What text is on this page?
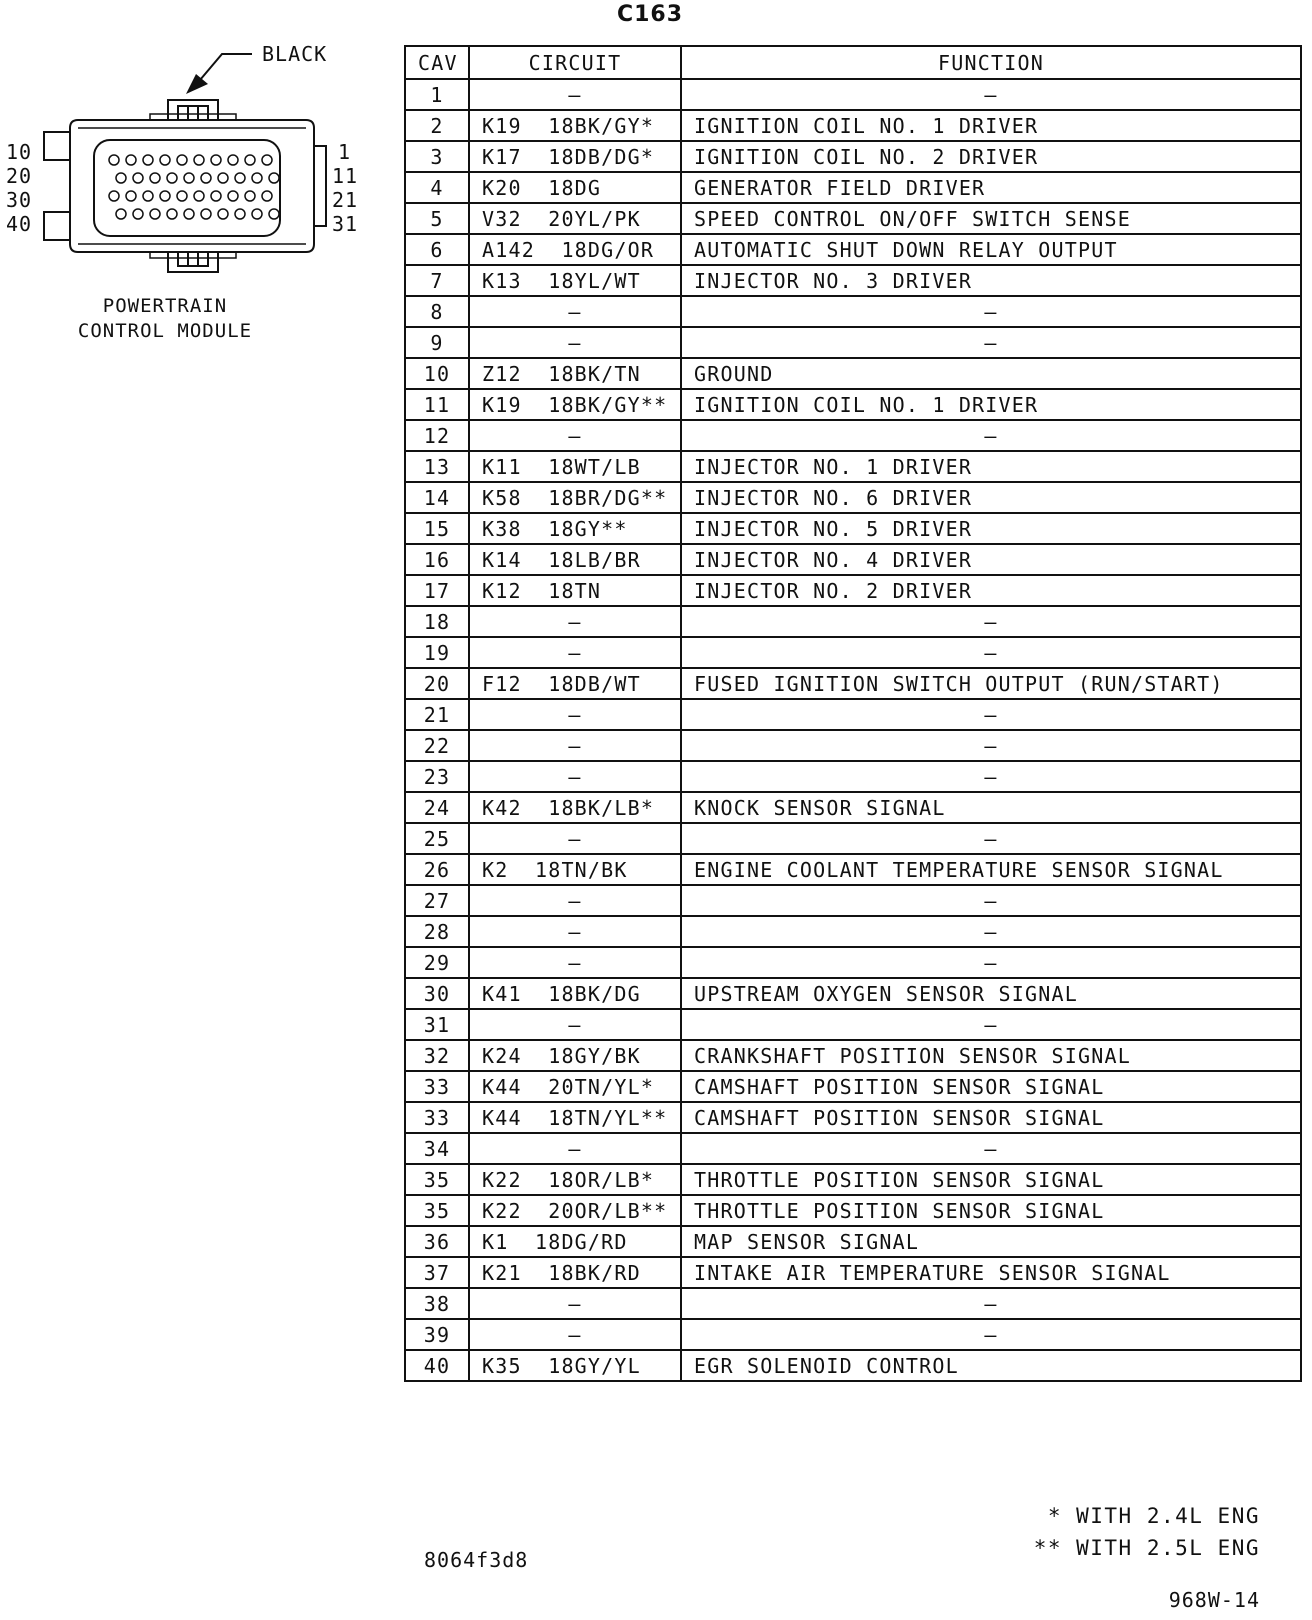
C163
BLACK
10
20
30
40
1
11
21
31
POWERTRAIN
CONTROL MODULE
CAV	CIRCUIT	FUNCTION
1	–	–
2	K19  18BK/GY*	IGNITION COIL NO. 1 DRIVER
3	K17  18DB/DG*	IGNITION COIL NO. 2 DRIVER
4	K20  18DG	GENERATOR FIELD DRIVER
5	V32  20YL/PK	SPEED CONTROL ON/OFF SWITCH SENSE
6	A142  18DG/OR	AUTOMATIC SHUT DOWN RELAY OUTPUT
7	K13  18YL/WT	INJECTOR NO. 3 DRIVER
8	–	–
9	–	–
10	Z12  18BK/TN	GROUND
11	K19  18BK/GY**	IGNITION COIL NO. 1 DRIVER
12	–	–
13	K11  18WT/LB	INJECTOR NO. 1 DRIVER
14	K58  18BR/DG**	INJECTOR NO. 6 DRIVER
15	K38  18GY**	INJECTOR NO. 5 DRIVER
16	K14  18LB/BR	INJECTOR NO. 4 DRIVER
17	K12  18TN	INJECTOR NO. 2 DRIVER
18	–	–
19	–	–
20	F12  18DB/WT	FUSED IGNITION SWITCH OUTPUT (RUN/START)
21	–	–
22	–	–
23	–	–
24	K42  18BK/LB*	KNOCK SENSOR SIGNAL
25	–	–
26	K2  18TN/BK	ENGINE COOLANT TEMPERATURE SENSOR SIGNAL
27	–	–
28	–	–
29	–	–
30	K41  18BK/DG	UPSTREAM OXYGEN SENSOR SIGNAL
31	–	–
32	K24  18GY/BK	CRANKSHAFT POSITION SENSOR SIGNAL
33	K44  20TN/YL*	CAMSHAFT POSITION SENSOR SIGNAL
33	K44  18TN/YL**	CAMSHAFT POSITION SENSOR SIGNAL
34	–	–
35	K22  18OR/LB*	THROTTLE POSITION SENSOR SIGNAL
35	K22  20OR/LB**	THROTTLE POSITION SENSOR SIGNAL
36	K1  18DG/RD	MAP SENSOR SIGNAL
37	K21  18BK/RD	INTAKE AIR TEMPERATURE SENSOR SIGNAL
38	–	–
39	–	–
40	K35  18GY/YL	EGR SOLENOID CONTROL
* WITH 2.4L ENG
** WITH 2.5L ENG
8064f3d8
968W-14
